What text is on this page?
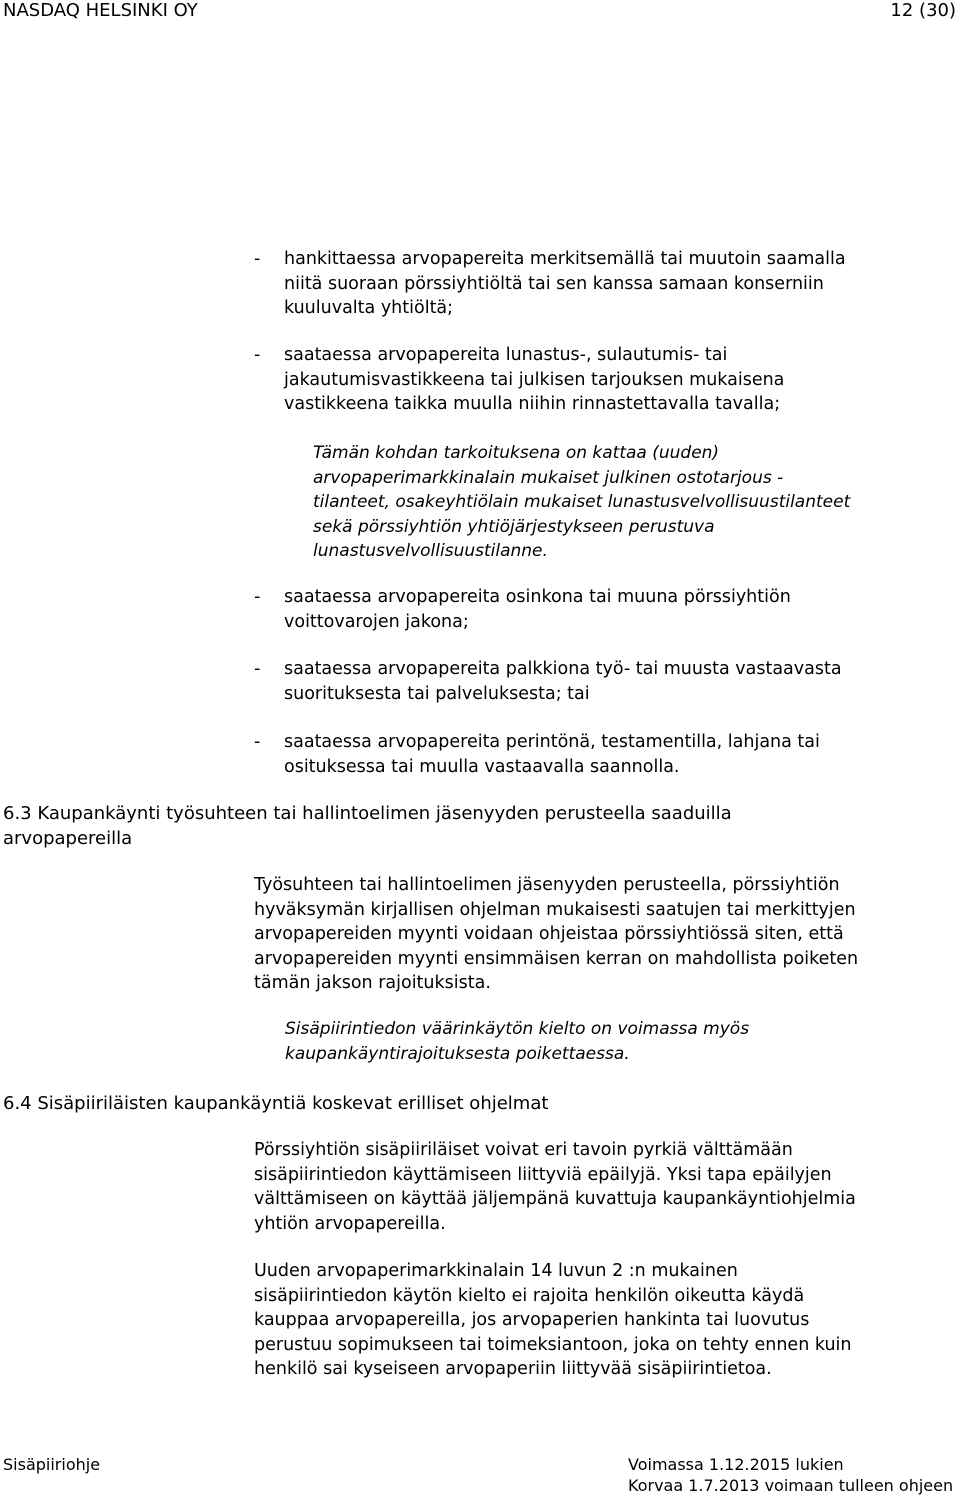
NASDAQ HELSINKI OY	12 (30)
- hankittaessa arvopapereita merkitsemällä tai muutoin saamalla
niitä suoraan pörssiyhtiöltä tai sen kanssa samaan konserniin
kuuluvalta yhtiöltä;
- saataessa arvopapereita lunastus-, sulautumis- tai
jakautumisvastikkeena tai julkisen tarjouksen mukaisena
vastikkeena taikka muulla niihin rinnastettavalla tavalla;
Tämän kohdan tarkoituksena on kattaa (uuden)
arvopaperimarkkinalain mukaiset julkinen ostotarjous -
tilanteet, osakeyhtiölain mukaiset lunastusvelvollisuustilanteet
sekä pörssiyhtiön yhtiöjärjestykseen perustuva
lunastusvelvollisuustilanne.
- saataessa arvopapereita osinkona tai muuna pörssiyhtiön
voittovarojen jakona;
- saataessa arvopapereita palkkiona työ- tai muusta vastaavasta
suorituksesta tai palveluksesta; tai
- saataessa arvopapereita perintönä, testamentilla, lahjana tai
osituksessa tai muulla vastaavalla saannolla.
6.3 Kaupankäynti työsuhteen tai hallintoelimen jäsenyyden perusteella saaduilla
arvopapereilla
Työsuhteen tai hallintoelimen jäsenyyden perusteella, pörssiyhtiön
hyväksymän kirjallisen ohjelman mukaisesti saatujen tai merkittyjen
arvopapereiden myynti voidaan ohjeistaa pörssiyhtiössä siten, että
arvopapereiden myynti ensimmäisen kerran on mahdollista poiketen
tämän jakson rajoituksista.
Sisäpiirintiedon väärinkäytön kielto on voimassa myös
kaupankäyntirajoituksesta poikettaessa.
6.4 Sisäpiiriläisten kaupankäyntiä koskevat erilliset ohjelmat
Pörssiyhtiön sisäpiiriläiset voivat eri tavoin pyrkiä välttämään
sisäpiirintiedon käyttämiseen liittyviä epäilyjä. Yksi tapa epäilyjen
välttämiseen on käyttää jäljempänä kuvattuja kaupankäyntiohjelmia
yhtiön arvopapereilla.
Uuden arvopaperimarkkinalain 14 luvun 2 :n mukainen
sisäpiirintiedon käytön kielto ei rajoita henkilön oikeutta käydä
kauppaa arvopapereilla, jos arvopaperien hankinta tai luovutus
perustuu sopimukseen tai toimeksiantoon, joka on tehty ennen kuin
henkilö sai kyseiseen arvopaperiin liittyvää sisäpiirintietoa.
Sisäpiiriohje	Voimassa 1.12.2015 lukien
Korvaa 1.7.2013 voimaan tulleen ohjeen
